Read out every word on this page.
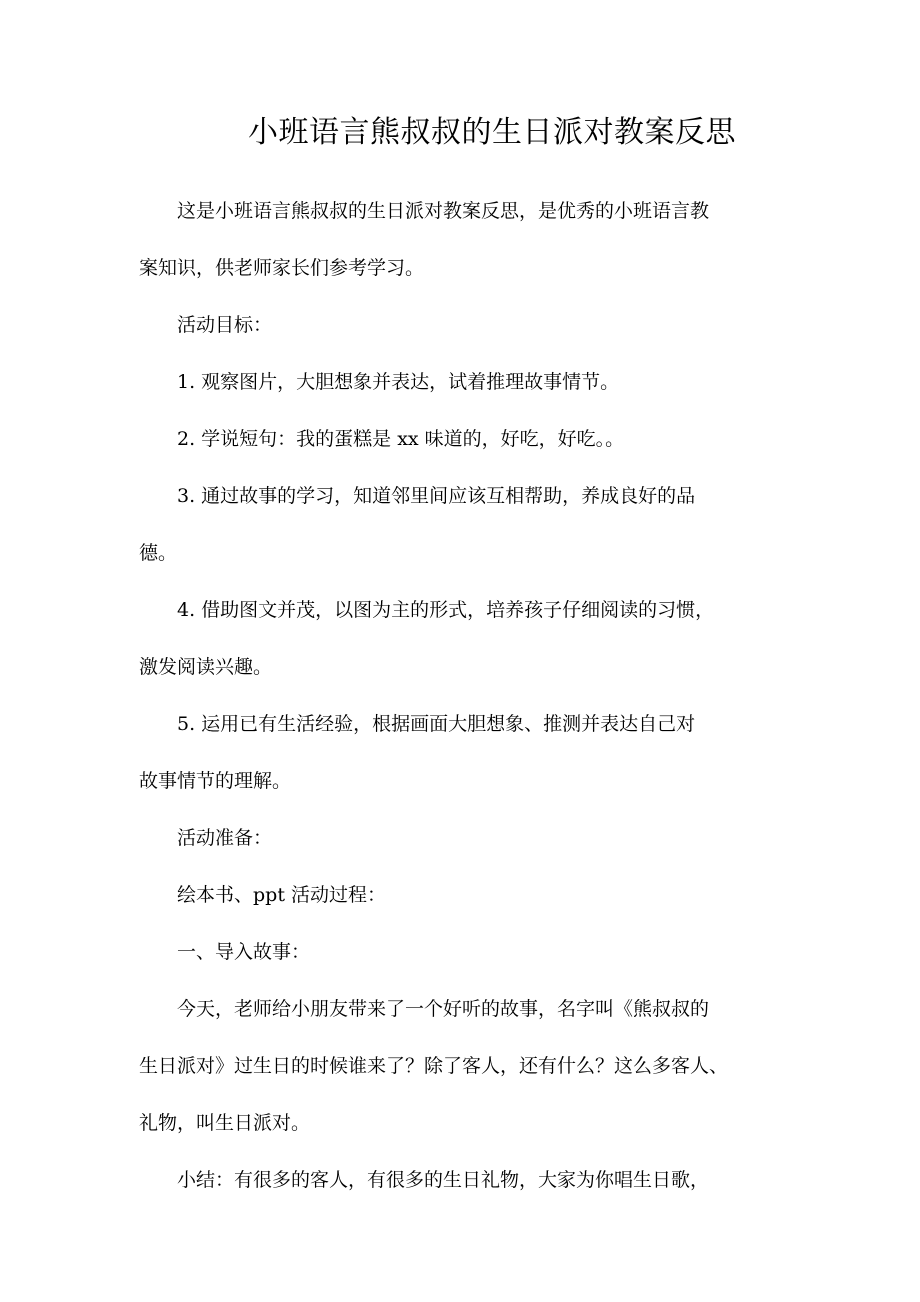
小班语言熊叔叔的生日派对教案反思

这是小班语言熊叔叔的生日派对教案反思，是优秀的小班语言教
案知识，供老师家长们参考学习。

活动目标：

1. 观察图片，大胆想象并表达，试着推理故事情节。

2. 学说短句：我的蛋糕是 xx 味道的，好吃，好吃。。

3. 通过故事的学习，知道邻里间应该互相帮助，养成良好的品
德。

4. 借助图文并茂，以图为主的形式，培养孩子仔细阅读的习惯，
激发阅读兴趣。

5. 运用已有生活经验，根据画面大胆想象、推测并表达自己对
故事情节的理解。

活动准备：

绘本书、ppt 活动过程：

一、导入故事：

今天，老师给小朋友带来了一个好听的故事，名字叫《熊叔叔的
生日派对》过生日的时候谁来了？除了客人，还有什么？这么多客人、
礼物，叫生日派对。

小结：有很多的客人，有很多的生日礼物，大家为你唱生日歌，
